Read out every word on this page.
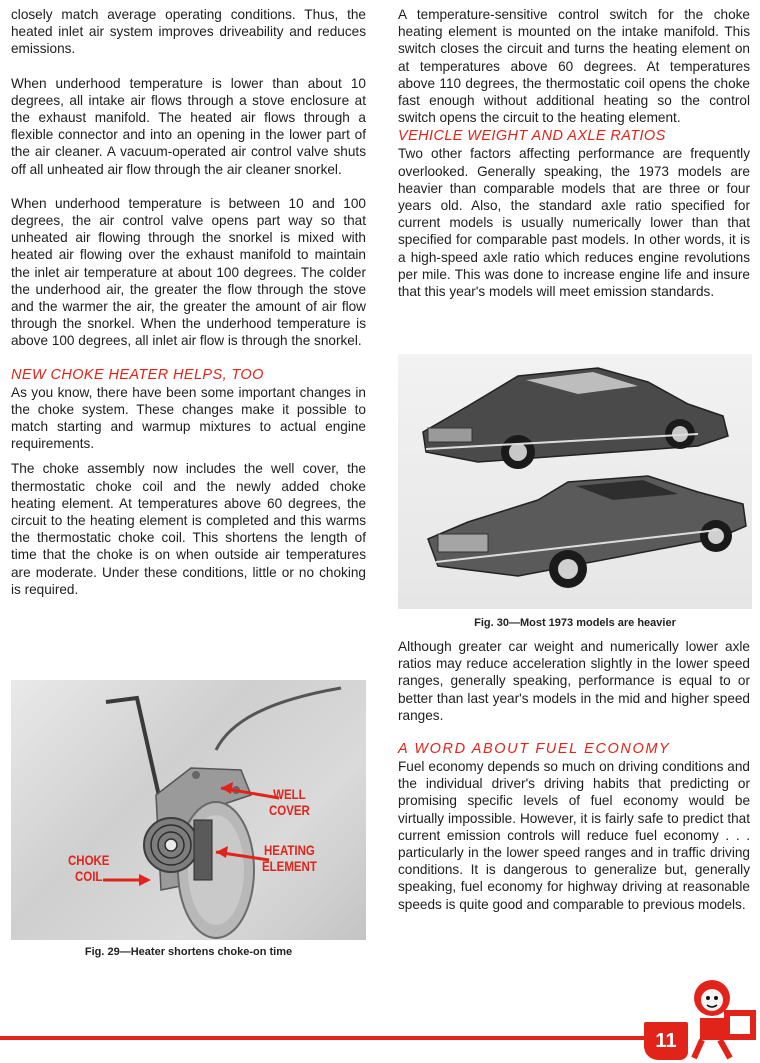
closely match average operating conditions. Thus, the heated inlet air system improves driveability and reduces emissions.

When underhood temperature is lower than about 10 degrees, all intake air flows through a stove enclosure at the exhaust manifold. The heated air flows through a flexible connector and into an opening in the lower part of the air cleaner. A vacuum-operated air control valve shuts off all unheated air flow through the air cleaner snorkel.

When underhood temperature is between 10 and 100 degrees, the air control valve opens part way so that unheated air flowing through the snorkel is mixed with heated air flowing over the exhaust manifold to maintain the inlet air temperature at about 100 degrees. The colder the underhood air, the greater the flow through the stove and the warmer the air, the greater the amount of air flow through the snorkel. When the underhood temperature is above 100 degrees, all inlet air flow is through the snorkel.

NEW CHOKE HEATER HELPS, TOO

As you know, there have been some important changes in the choke system. These changes make it possible to match starting and warmup mixtures to actual engine requirements.

The choke assembly now includes the well cover, the thermostatic choke coil and the newly added choke heating element. At temperatures above 60 degrees, the circuit to the heating element is completed and this warms the thermostatic choke coil. This shortens the length of time that the choke is on when outside air temperatures are moderate. Under these conditions, little or no choking is required.

WELL
COVER
HEATING
ELEMENT
CHOKE
COIL
Fig. 29—Heater shortens choke-on time

A temperature-sensitive control switch for the choke heating element is mounted on the intake manifold. This switch closes the circuit and turns the heating element on at temperatures above 60 degrees. At temperatures above 110 degrees, the thermostatic coil opens the choke fast enough without additional heating so the control switch opens the circuit to the heating element.

VEHICLE WEIGHT AND AXLE RATIOS

Two other factors affecting performance are frequently overlooked. Generally speaking, the 1973 models are heavier than comparable models that are three or four years old. Also, the standard axle ratio specified for current models is usually numerically lower than that specified for comparable past models. In other words, it is a high-speed axle ratio which reduces engine revolutions per mile. This was done to increase engine life and insure that this year's models will meet emission standards.

Fig. 30—Most 1973 models are heavier

Although greater car weight and numerically lower axle ratios may reduce acceleration slightly in the lower speed ranges, generally speaking, performance is equal to or better than last year's models in the mid and higher speed ranges.

A WORD ABOUT FUEL ECONOMY

Fuel economy depends so much on driving conditions and the individual driver's driving habits that predicting or promising specific levels of fuel economy would be virtually impossible. However, it is fairly safe to predict that current emission controls will reduce fuel economy . . . particularly in the lower speed ranges and in traffic driving conditions. It is dangerous to generalize but, generally speaking, fuel economy for highway driving at reasonable speeds is quite good and comparable to previous models.

11
